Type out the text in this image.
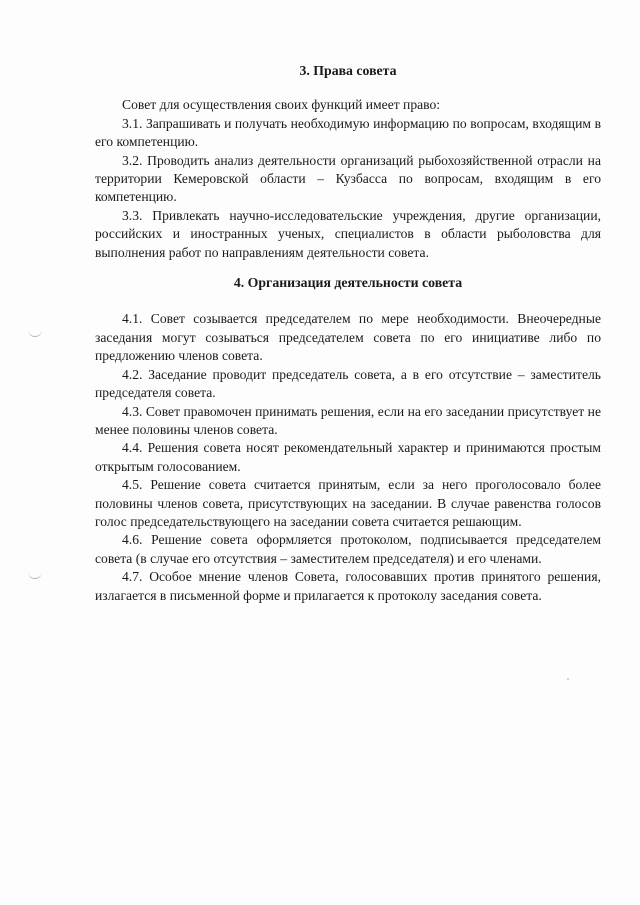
3. Права совета

Совет для осуществления своих функций имеет право:

3.1. Запрашивать и получать необходимую информацию по вопросам, входящим в его компетенцию.

3.2. Проводить анализ деятельности организаций рыбохозяйственной отрасли на территории Кемеровской области – Кузбасса по вопросам, входящим в его компетенцию.

3.3. Привлекать научно-исследовательские учреждения, другие организации, российских и иностранных ученых, специалистов в области рыболовства для выполнения работ по направлениям деятельности совета.

4. Организация деятельности совета

4.1. Совет созывается председателем по мере необходимости. Внеочередные заседания могут созываться председателем совета по его инициативе либо по предложению членов совета.

4.2. Заседание проводит председатель совета, а в его отсутствие – заместитель председателя совета.

4.3. Совет правомочен принимать решения, если на его заседании присутствует не менее половины членов совета.

4.4. Решения совета носят рекомендательный характер и принимаются простым открытым голосованием.

4.5. Решение совета считается принятым, если за него проголосовало более половины членов совета, присутствующих на заседании. В случае равенства голосов голос председательствующего на заседании совета считается решающим.

4.6. Решение совета оформляется протоколом, подписывается председателем совета (в случае его отсутствия – заместителем председателя) и его членами.

4.7. Особое мнение членов Совета, голосовавших против принятого решения, излагается в письменной форме и прилагается к протоколу заседания совета.
